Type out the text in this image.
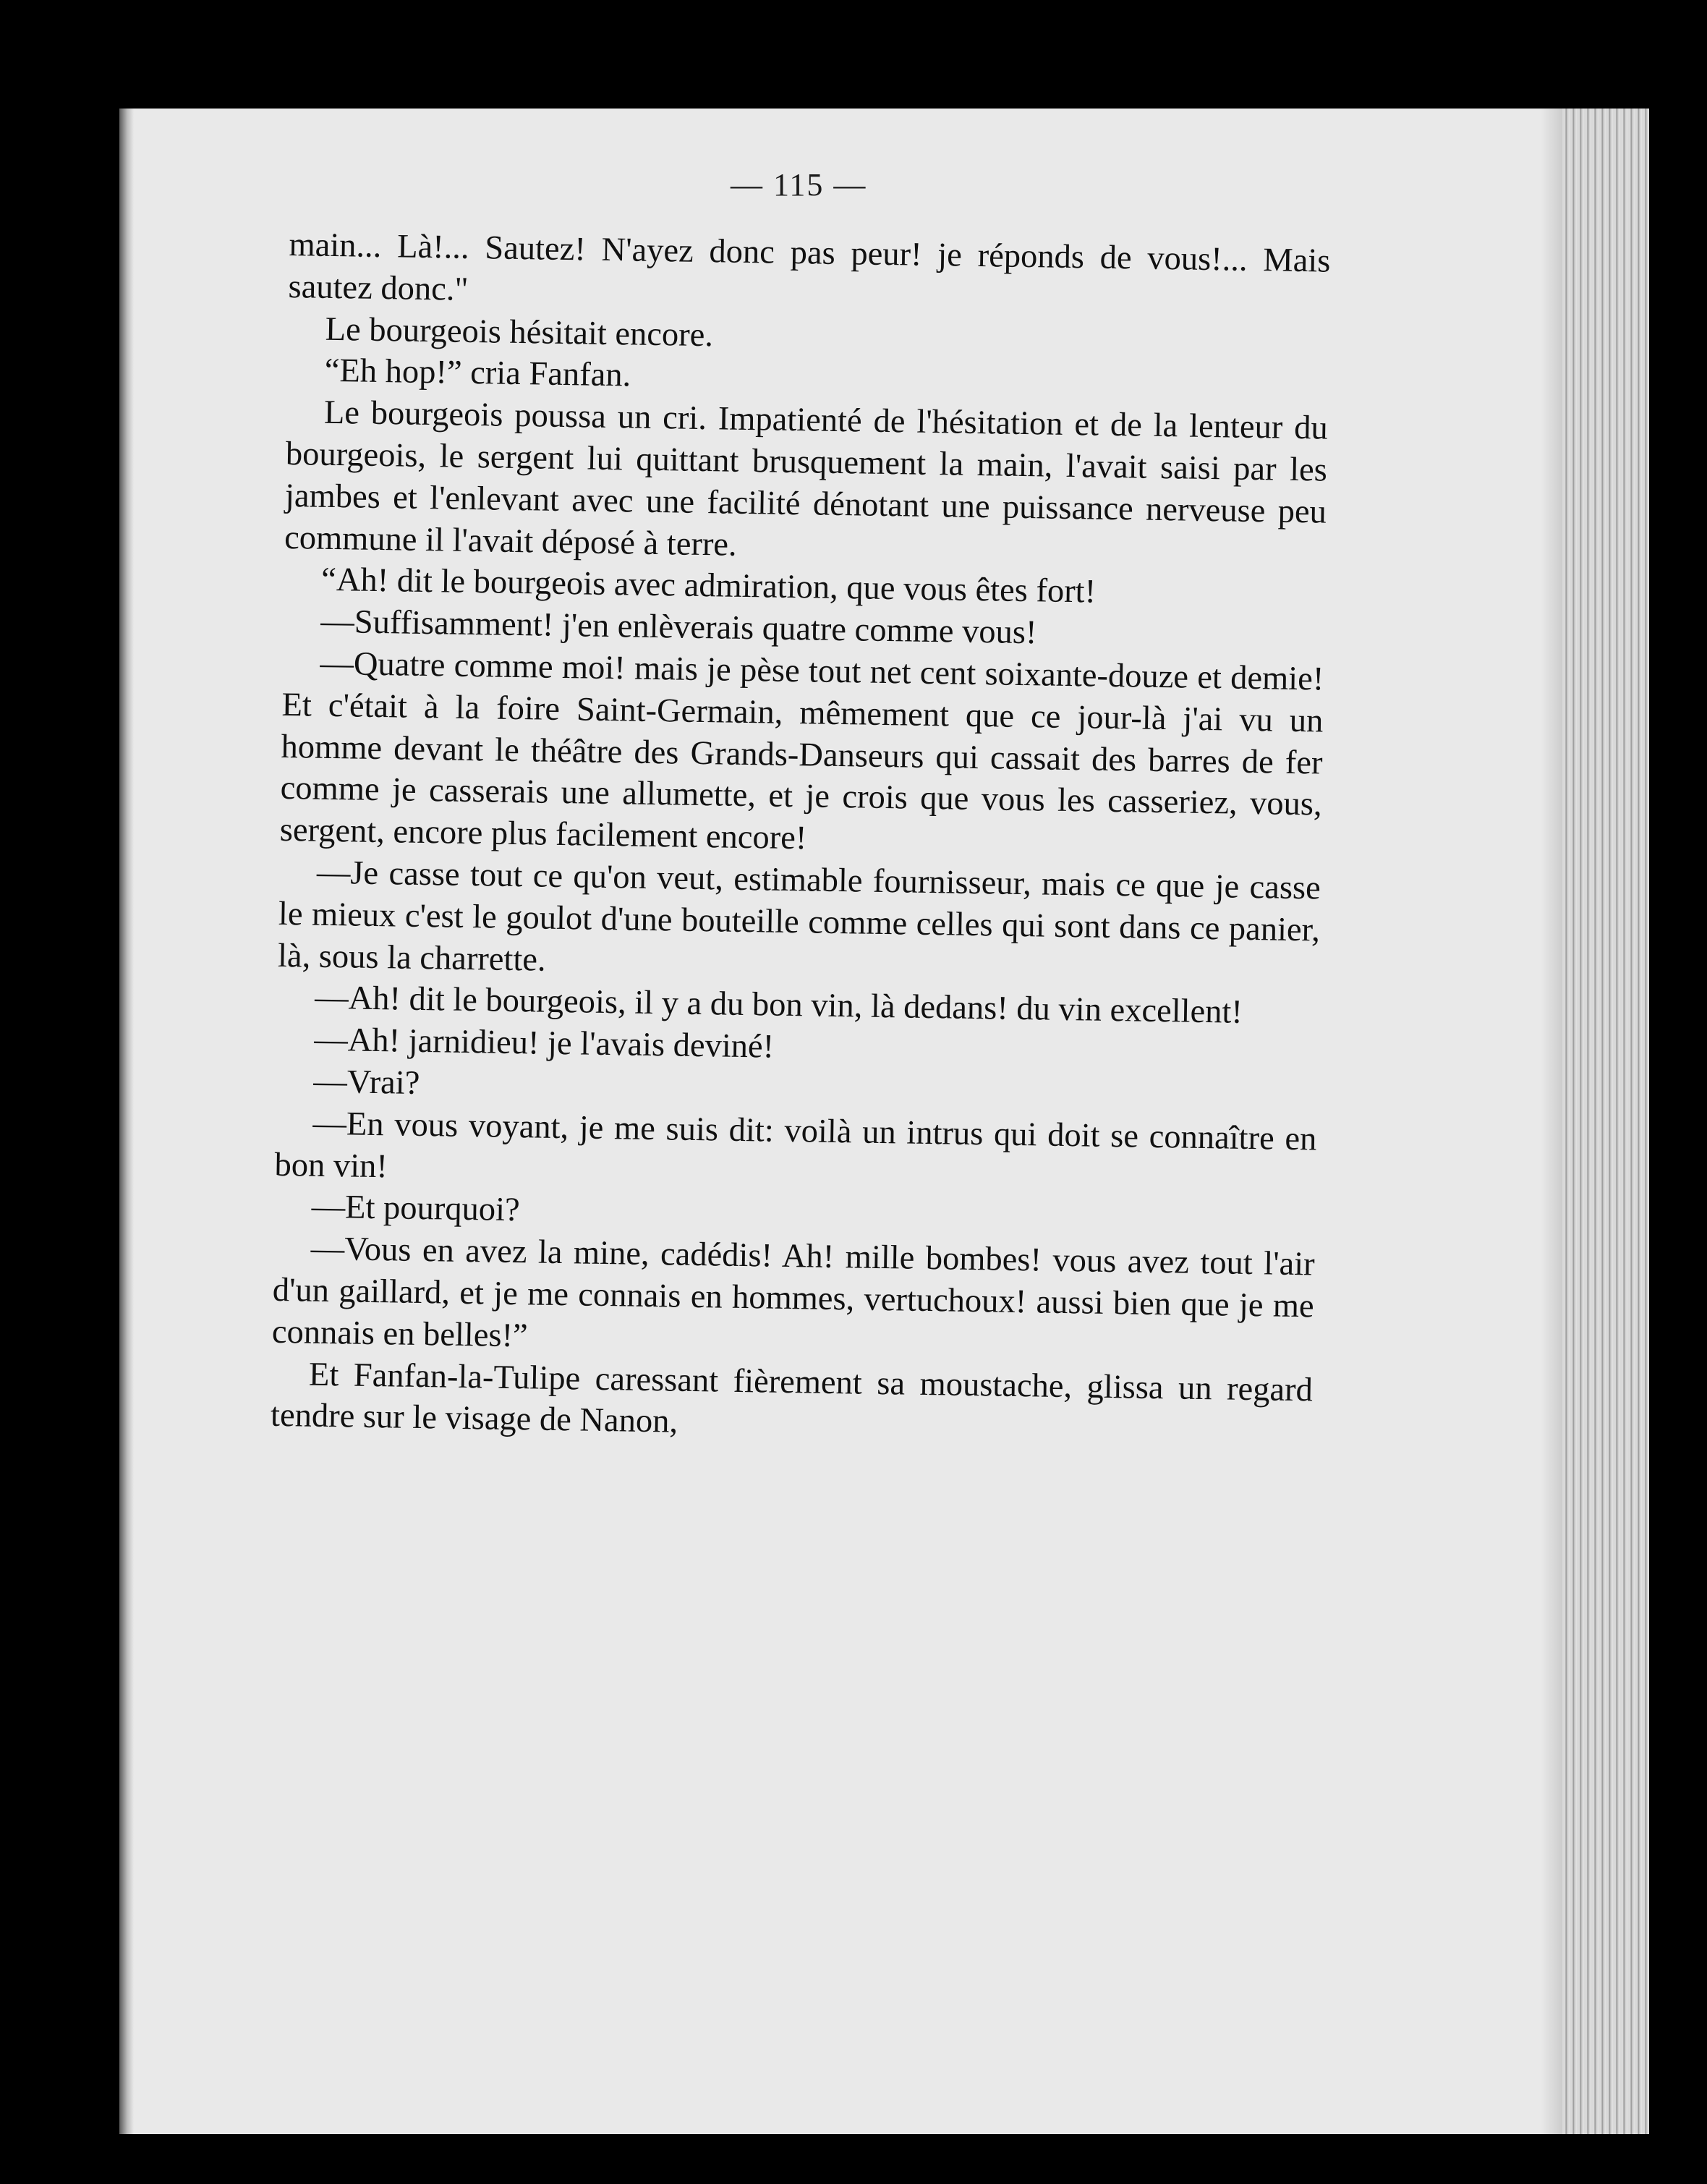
— 115 —

main... Là!... Sautez! N'ayez donc pas peur! je réponds de vous!... Mais sautez donc."

Le bourgeois hésitait encore.

“Eh hop!” cria Fanfan.

Le bourgeois poussa un cri. Impatienté de l'hésitation et de la lenteur du bourgeois, le sergent lui quittant brusquement la main, l'avait saisi par les jambes et l'enlevant avec une facilité dénotant une puissance nerveuse peu commune il l'avait déposé à terre.

“Ah! dit le bourgeois avec admiration, que vous êtes fort!

—Suffisamment! j'en enlèverais quatre comme vous!

—Quatre comme moi! mais je pèse tout net cent soixante-douze et demie! Et c'était à la foire Saint-Germain, mêmement que ce jour-là j'ai vu un homme devant le théâtre des Grands-Danseurs qui cassait des barres de fer comme je casserais une allumette, et je crois que vous les casseriez, vous, sergent, encore plus facilement encore!

—Je casse tout ce qu'on veut, estimable fournisseur, mais ce que je casse le mieux c'est le goulot d'une bouteille comme celles qui sont dans ce panier, là, sous la charrette.

—Ah! dit le bourgeois, il y a du bon vin, là dedans! du vin excellent!

—Ah! jarnidieu! je l'avais deviné!

—Vrai?

—En vous voyant, je me suis dit: voilà un intrus qui doit se connaître en bon vin!

—Et pourquoi?

—Vous en avez la mine, cadédis! Ah! mille bombes! vous avez tout l'air d'un gaillard, et je me connais en hommes, vertuchoux! aussi bien que je me connais en belles!”

Et Fanfan-la-Tulipe caressant fièrement sa moustache, glissa un regard tendre sur le visage de Nanon,
